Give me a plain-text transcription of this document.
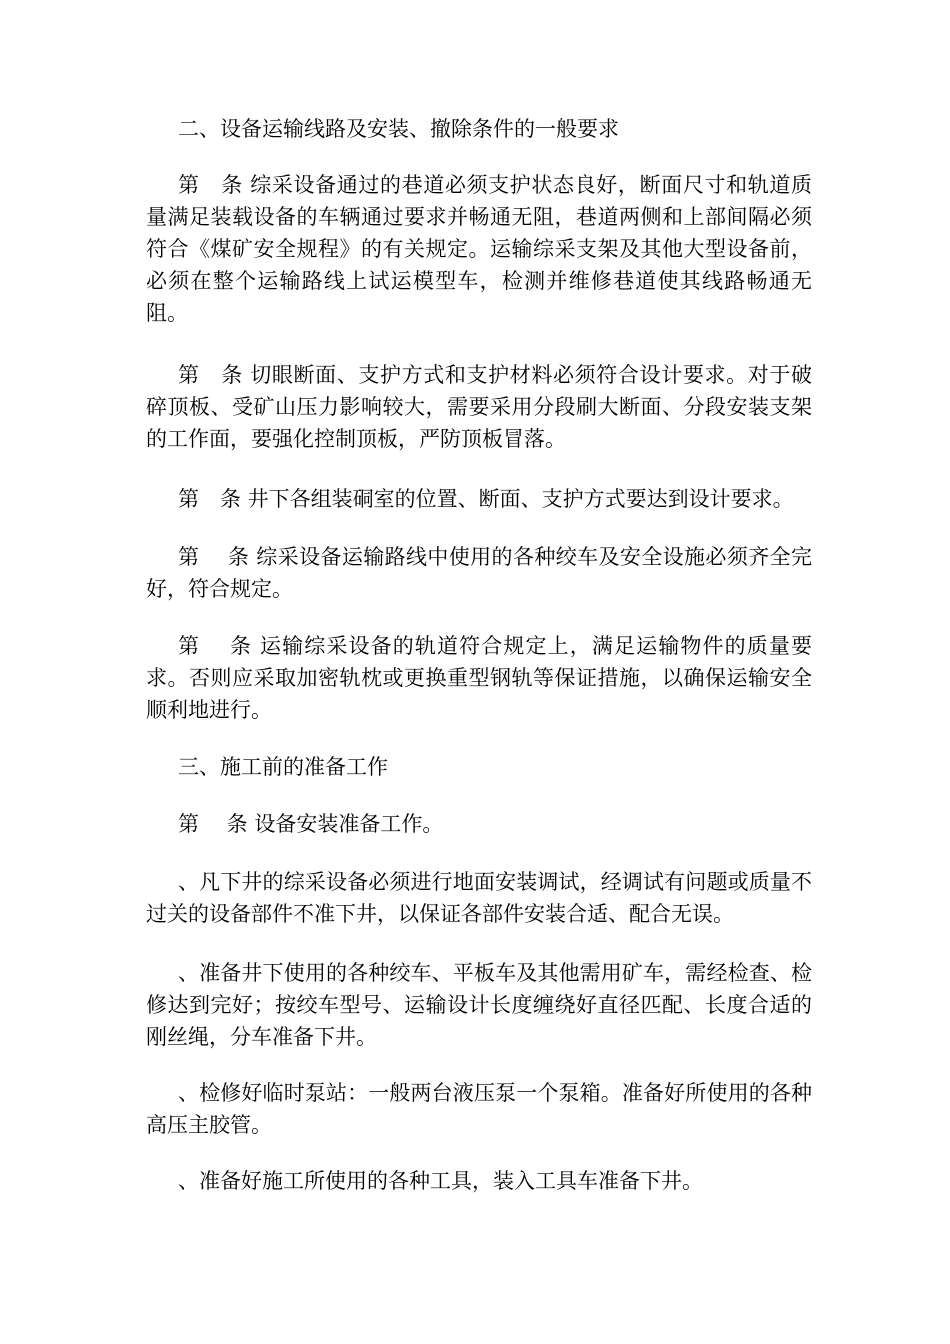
二、设备运输线路及安装、撤除条件的一般要求

第　条 综采设备通过的巷道必须支护状态良好，断面尺寸和轨道质量满足装载设备的车辆通过要求并畅通无阻，巷道两侧和上部间隔必须符合《煤矿安全规程》的有关规定。运输综采支架及其他大型设备前，必须在整个运输路线上试运模型车，检测并维修巷道使其线路畅通无阻。

第　条 切眼断面、支护方式和支护材料必须符合设计要求。对于破碎顶板、受矿山压力影响较大，需要采用分段刷大断面、分段安装支架的工作面，要强化控制顶板，严防顶板冒落。

第　条 井下各组装硐室的位置、断面、支护方式要达到设计要求。

第　 条 综采设备运输路线中使用的各种绞车及安全设施必须齐全完好，符合规定。

第　 条 运输综采设备的轨道符合规定上，满足运输物件的质量要求。否则应采取加密轨枕或更换重型钢轨等保证措施，以确保运输安全顺利地进行。

三、施工前的准备工作

第　 条 设备安装准备工作。

、凡下井的综采设备必须进行地面安装调试，经调试有问题或质量不过关的设备部件不准下井，以保证各部件安装合适、配合无误。

、准备井下使用的各种绞车、平板车及其他需用矿车，需经检查、检修达到完好；按绞车型号、运输设计长度缠绕好直径匹配、长度合适的刚丝绳，分车准备下井。

、检修好临时泵站：一般两台液压泵一个泵箱。准备好所使用的各种高压主胶管。

、准备好施工所使用的各种工具，装入工具车准备下井。
